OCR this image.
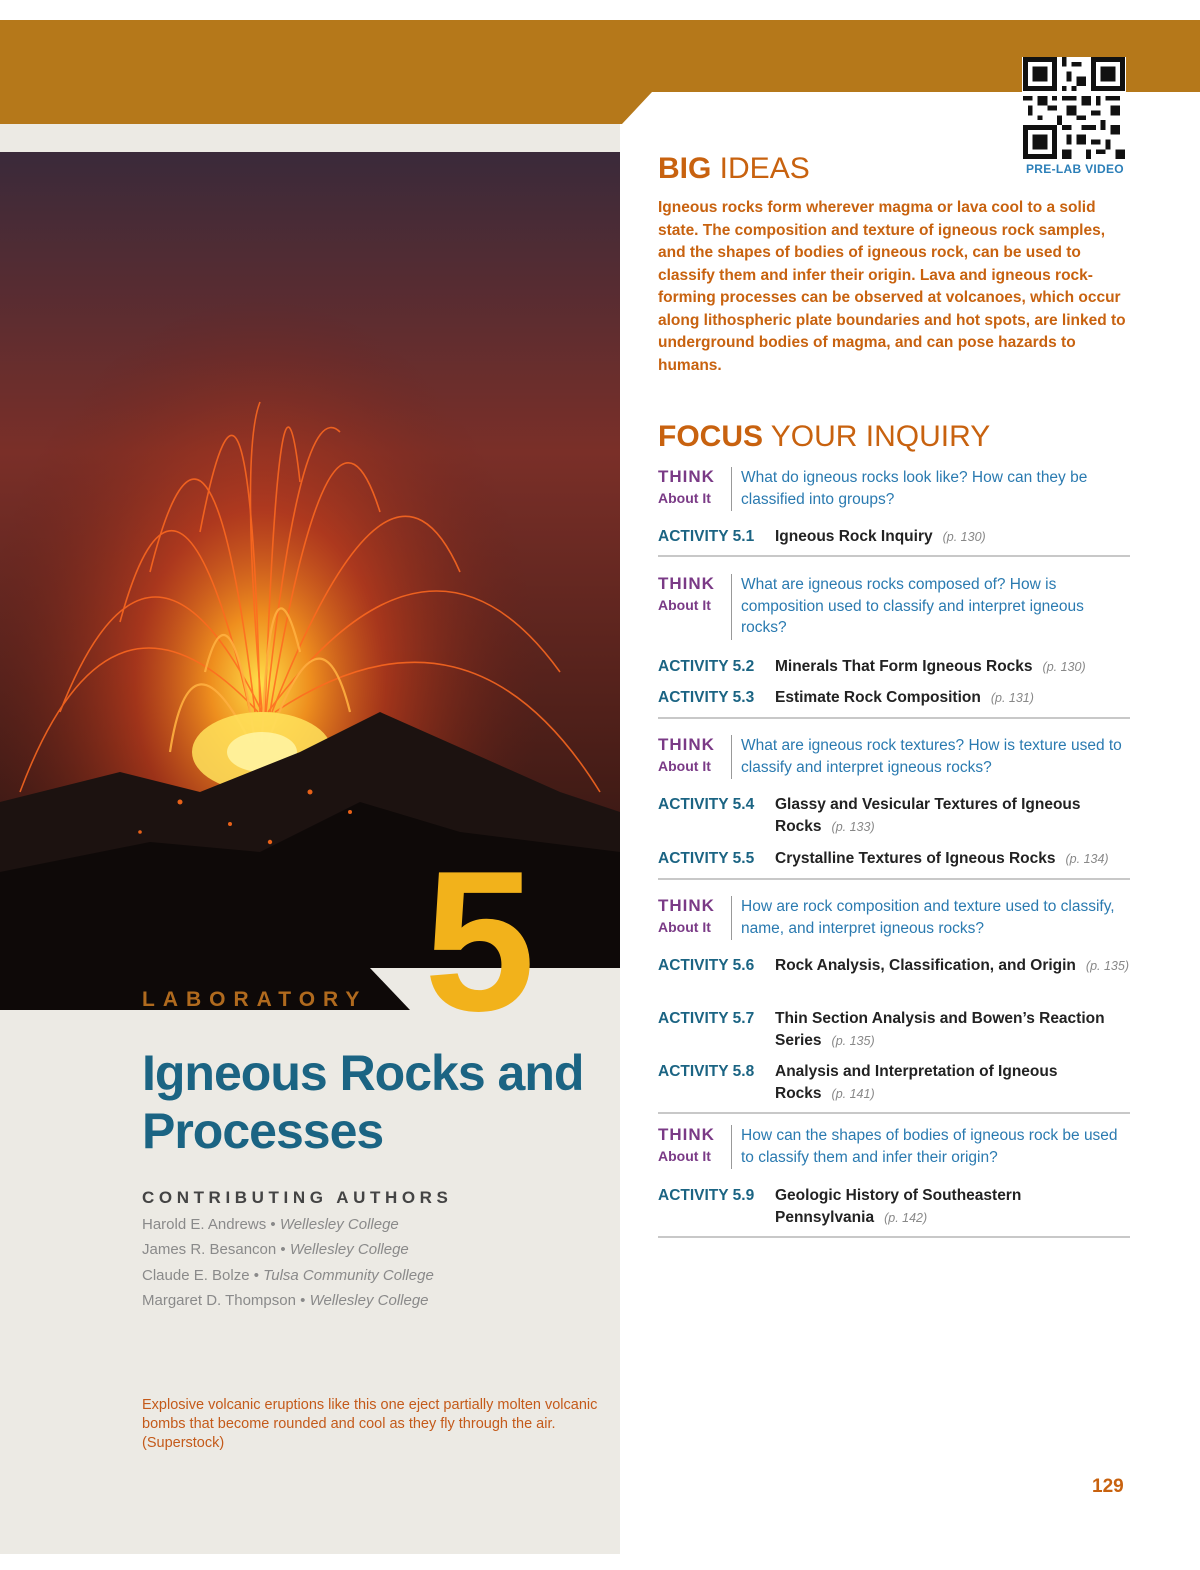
LABORATORY 5
Igneous Rocks and
Processes
CONTRIBUTING AUTHORS
Harold E. Andrews • Wellesley College
James R. Besancon • Wellesley College
Claude E. Bolze • Tulsa Community College
Margaret D. Thompson • Wellesley College
Explosive volcanic eruptions like this one eject partially molten volcanic bombs that become rounded and cool as they fly through the air. (Superstock)
PRE-LAB VIDEO
BIG IDEAS
Igneous rocks form wherever magma or lava cool to a solid state. The composition and texture of igneous rock samples, and the shapes of bodies of igneous rock, can be used to classify them and infer their origin. Lava and igneous rock-forming processes can be observed at volcanoes, which occur along lithospheric plate boundaries and hot spots, are linked to underground bodies of magma, and can pose hazards to humans.
FOCUS YOUR INQUIRY
THINK
About It
What do igneous rocks look like? How can they be classified into groups?
ACTIVITY 5.1 Igneous Rock Inquiry (p. 130)
THINK
About It
What are igneous rocks composed of? How is composition used to classify and interpret igneous rocks?
ACTIVITY 5.2 Minerals That Form Igneous Rocks (p. 130)
ACTIVITY 5.3 Estimate Rock Composition (p. 131)
THINK
About It
What are igneous rock textures? How is texture used to classify and interpret igneous rocks?
ACTIVITY 5.4 Glassy and Vesicular Textures of Igneous Rocks (p. 133)
ACTIVITY 5.5 Crystalline Textures of Igneous Rocks (p. 134)
THINK
About It
How are rock composition and texture used to classify, name, and interpret igneous rocks?
ACTIVITY 5.6 Rock Analysis, Classification, and Origin (p. 135)
ACTIVITY 5.7 Thin Section Analysis and Bowen’s Reaction Series (p. 135)
ACTIVITY 5.8 Analysis and Interpretation of Igneous Rocks (p. 141)
THINK
About It
How can the shapes of bodies of igneous rock be used to classify them and infer their origin?
ACTIVITY 5.9 Geologic History of Southeastern Pennsylvania (p. 142)
129
